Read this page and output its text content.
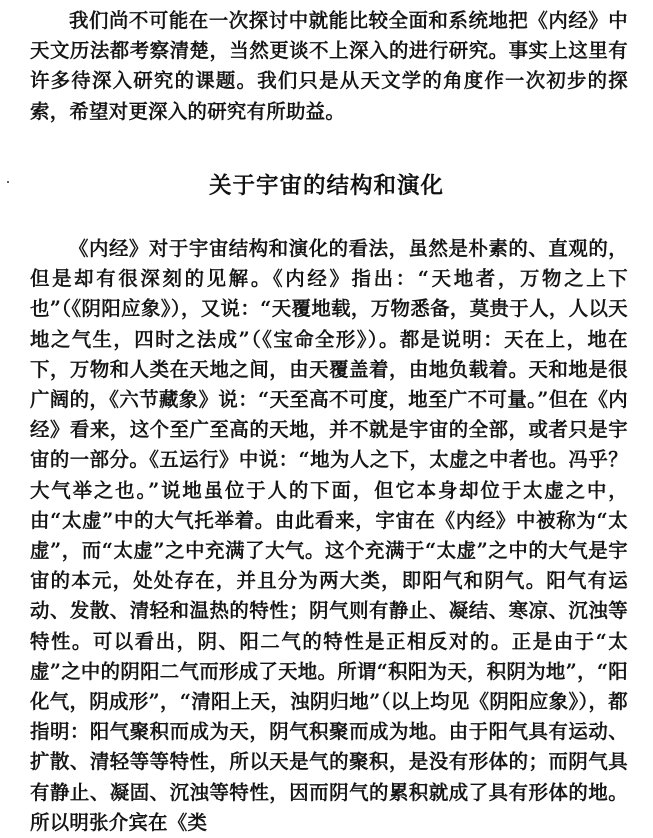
我们尚不可能在一次探讨中就能比较全面和系统地把《内经》中天文历法都考察清楚，当然更谈不上深入的进行研究。事实上这里有许多待深入研究的课题。我们只是从天文学的角度作一次初步的探索，希望对更深入的研究有所助益。

关于宇宙的结构和演化

《内经》对于宇宙结构和演化的看法，虽然是朴素的、直观的，但是却有很深刻的见解。《内经》指出：“天地者，万物之上下也”（《阴阳应象》），又说：“天覆地载，万物悉备，莫贵于人，人以天地之气生，四时之法成”（《宝命全形》）。都是说明：天在上，地在下，万物和人类在天地之间，由天覆盖着，由地负载着。天和地是很广阔的，《六节藏象》说：“天至高不可度，地至广不可量。”但在《内经》看来，这个至广至高的天地，并不就是宇宙的全部，或者只是宇宙的一部分。《五运行》中说：“地为人之下，太虚之中者也。冯乎？大气举之也。”说地虽位于人的下面，但它本身却位于太虚之中，由“太虚”中的大气托举着。由此看来，宇宙在《内经》中被称为“太虚”，而“太虚”之中充满了大气。这个充满于“太虚”之中的大气是宇宙的本元，处处存在，并且分为两大类，即阳气和阴气。阳气有运动、发散、清轻和温热的特性；阴气则有静止、凝结、寒凉、沉浊等特性。可以看出，阴、阳二气的特性是正相反对的。正是由于“太虚”之中的阴阳二气而形成了天地。所谓“积阳为天，积阴为地”，“阳化气，阴成形”，“清阳上天，浊阴归地”（以上均见《阴阳应象》），都指明：阳气聚积而成为天，阴气积聚而成为地。由于阳气具有运动、扩散、清轻等等特性，所以天是气的聚积，是没有形体的；而阴气具有静止、凝固、沉浊等特性，因而阴气的累积就成了具有形体的地。所以明张介宾在《类
